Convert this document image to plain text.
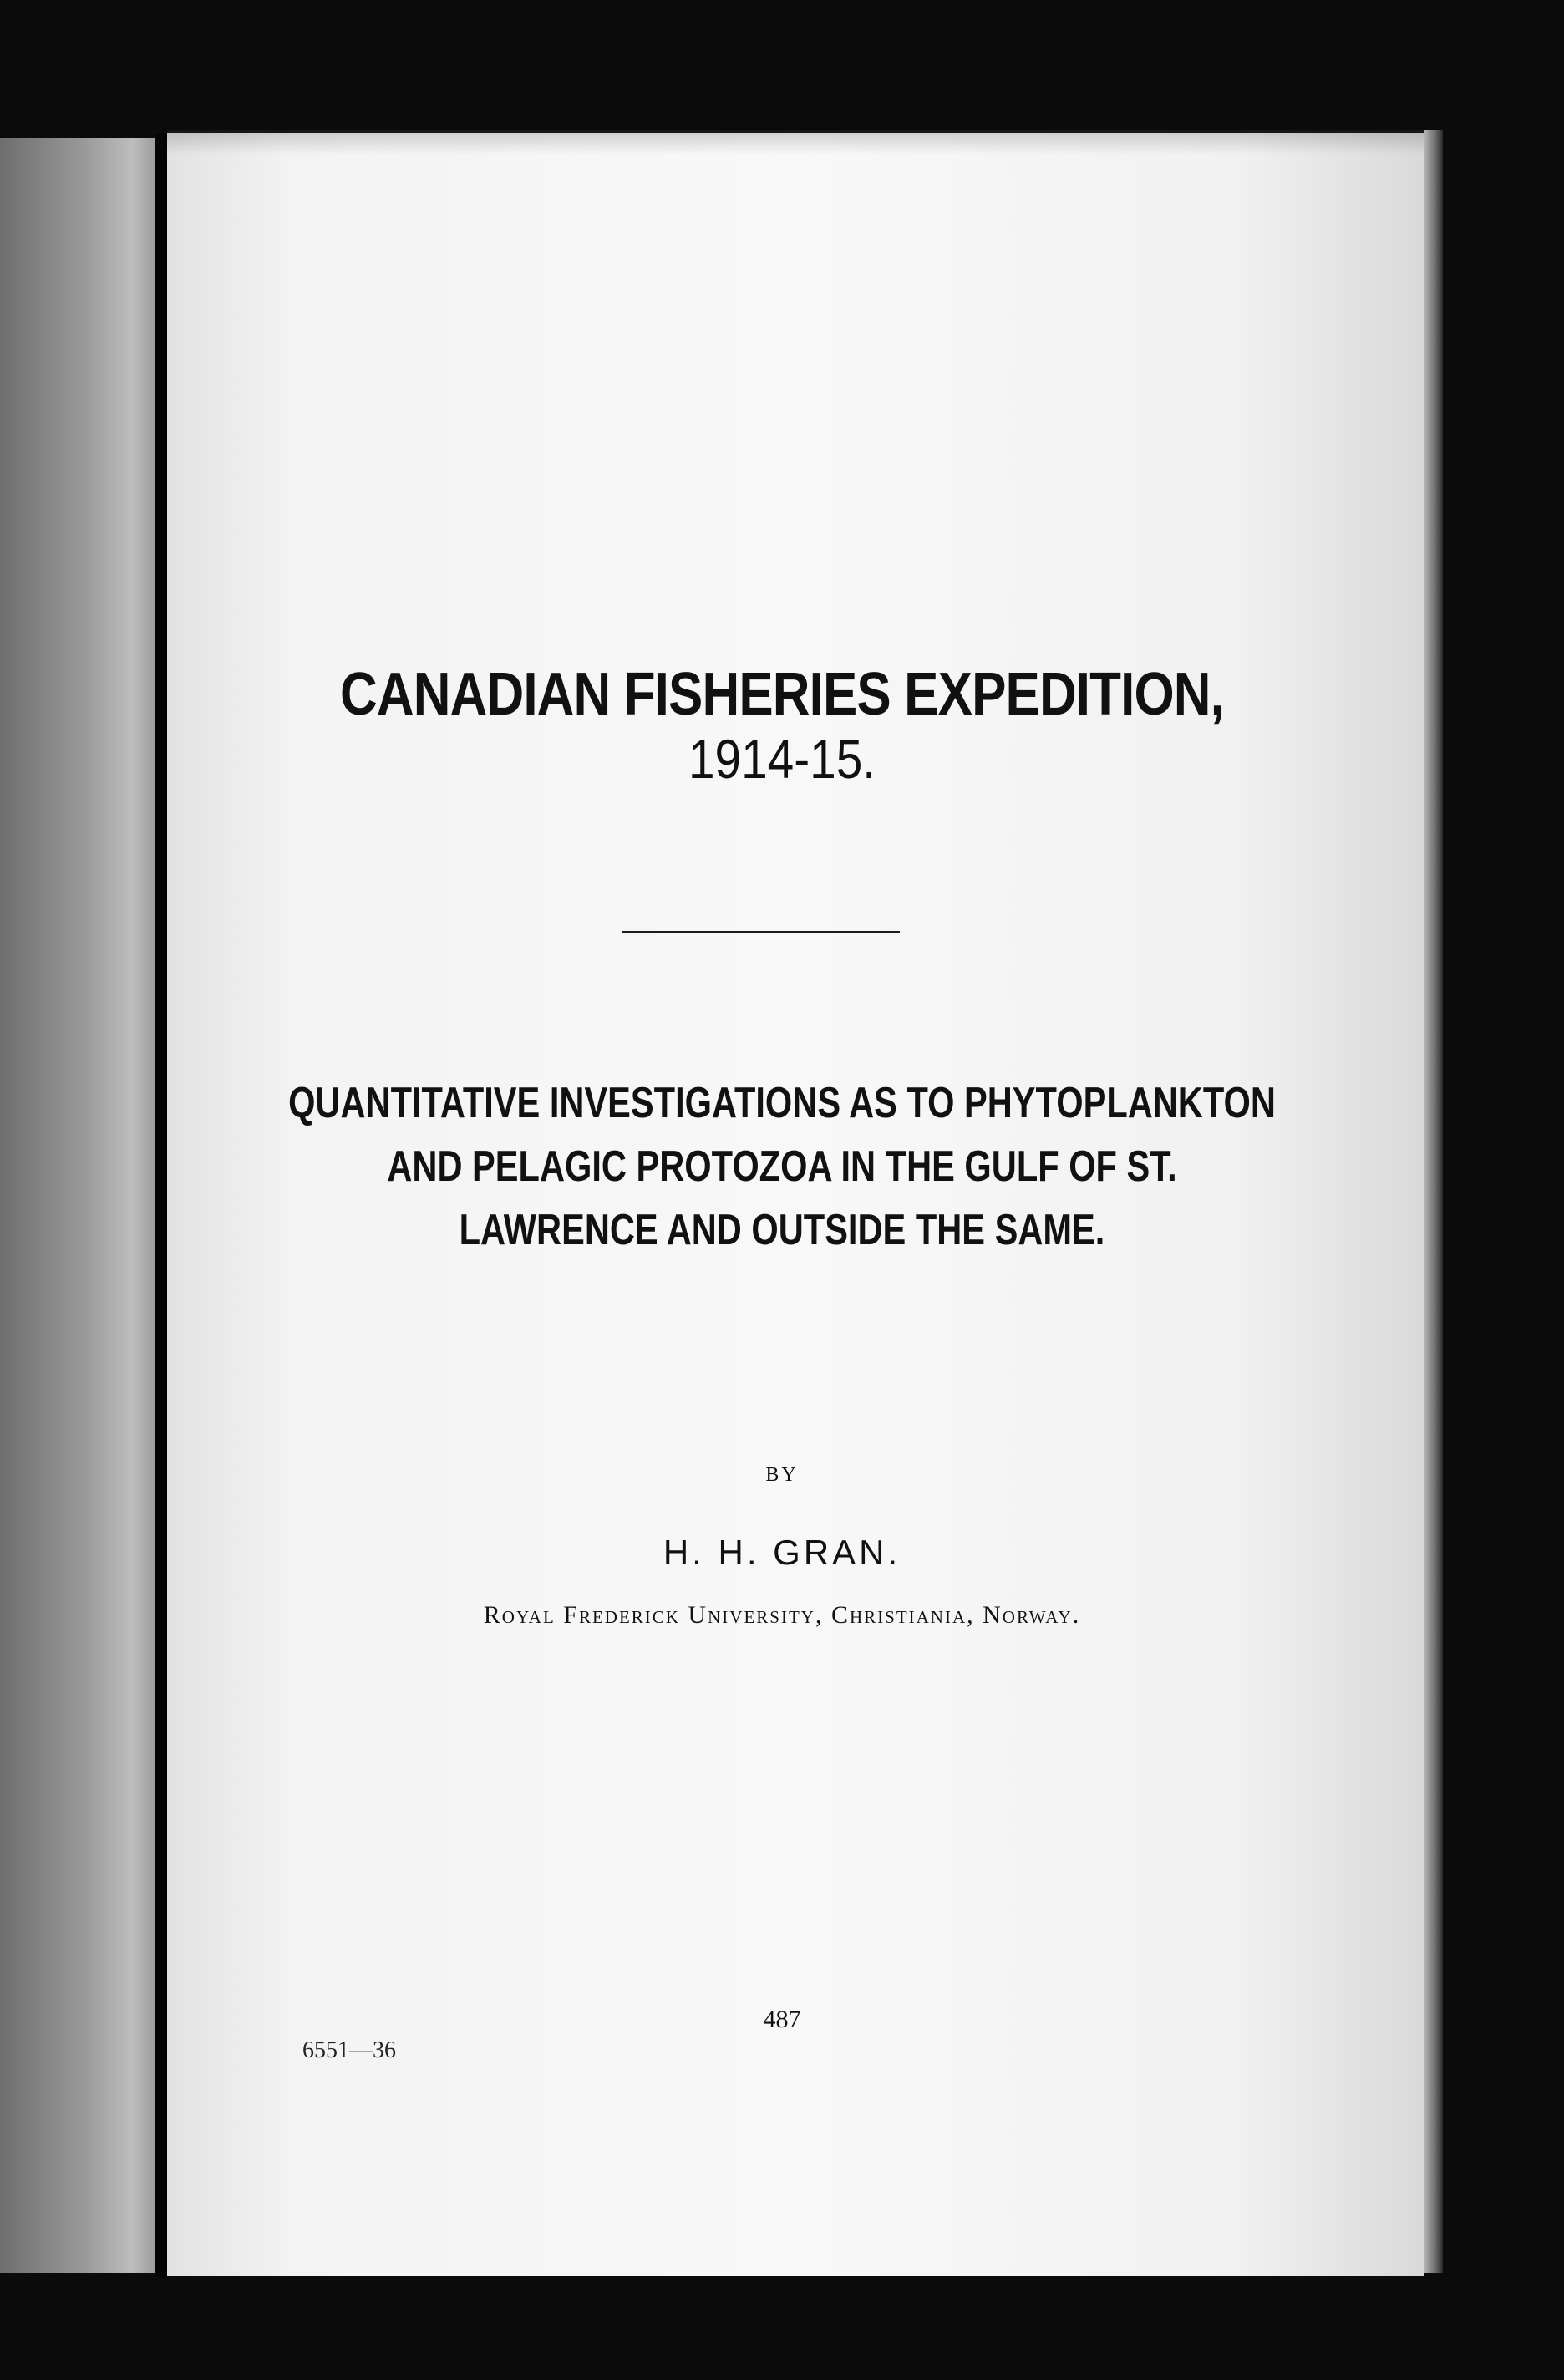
CANADIAN FISHERIES EXPEDITION,
1914-15.
QUANTITATIVE INVESTIGATIONS AS TO PHYTOPLANKTON
AND PELAGIC PROTOZOA IN THE GULF OF ST.
LAWRENCE AND OUTSIDE THE SAME.
BY
H. H. GRAN.
Royal Frederick University, Christiania, Norway.
487
6551—36
